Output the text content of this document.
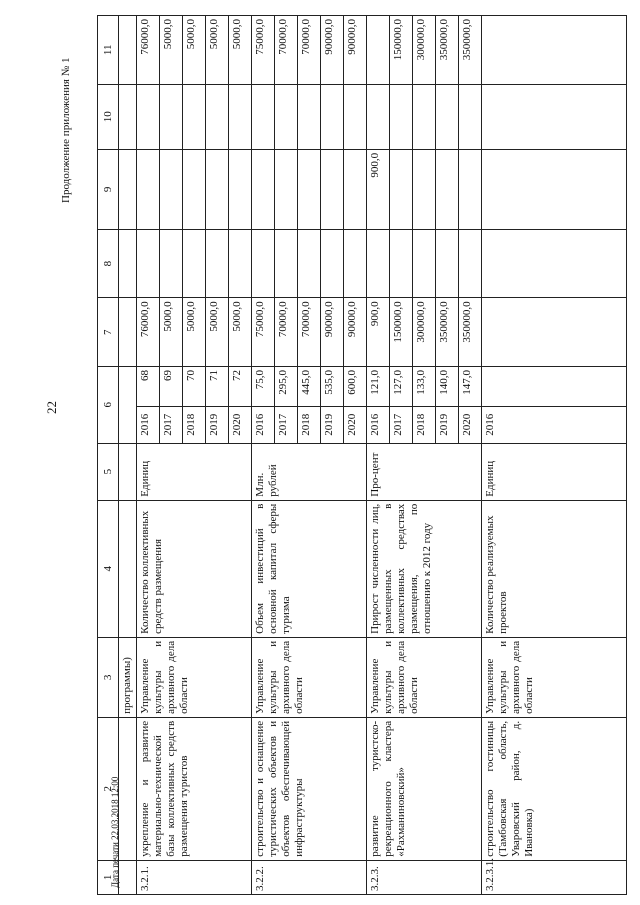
22
Продолжение приложения № 1
Дата печати 22.03.2018 12:00
1	2	3	4	5	6		7	8	9	10	11
		программы)									
3.2.1.	укрепление и развитие материально-технической базы коллективных средств размещения туристов	Управление культуры и архивного дела области	Количество коллективных средств размещения	Единиц	2016	68	76000,0				76000,0
					2017	69	5000,0				5000,0
					2018	70	5000,0				5000,0
					2019	71	5000,0				5000,0
					2020	72	5000,0				5000,0
3.2.2.	строительство и оснащение туристических объектов и объектов обеспечивающей инфраструктуры	Управление культуры и архивного дела области	Объем инвестиций в основной капитал сферы туризма	Млн. рублей	2016	75,0	75000,0				75000,0
					2017	295,0	70000,0				70000,0
					2018	445,0	70000,0				70000,0
					2019	535,0	90000,0				90000,0
					2020	600,0	90000,0				90000,0
3.2.3.	развитие туристско-рекреационного кластера «Рахманиновский»	Управление культуры и архивного дела области	Прирост численности лиц, размещенных в коллективных средствах размещения, по отношению к 2012 году	Про-цент	2016	121,0	900,0		900,0		
					2017	127,0	150000,0				150000,0
					2018	133,0	300000,0				300000,0
					2019	140,0	350000,0				350000,0
					2020	147,0	350000,0				350000,0
3.2.3.1.	строительство гостиницы (Тамбовская область, Уваровский район, д. Ивановка)	Управление культуры и архивного дела области	Количество реализуемых проектов	Единиц	2016						
